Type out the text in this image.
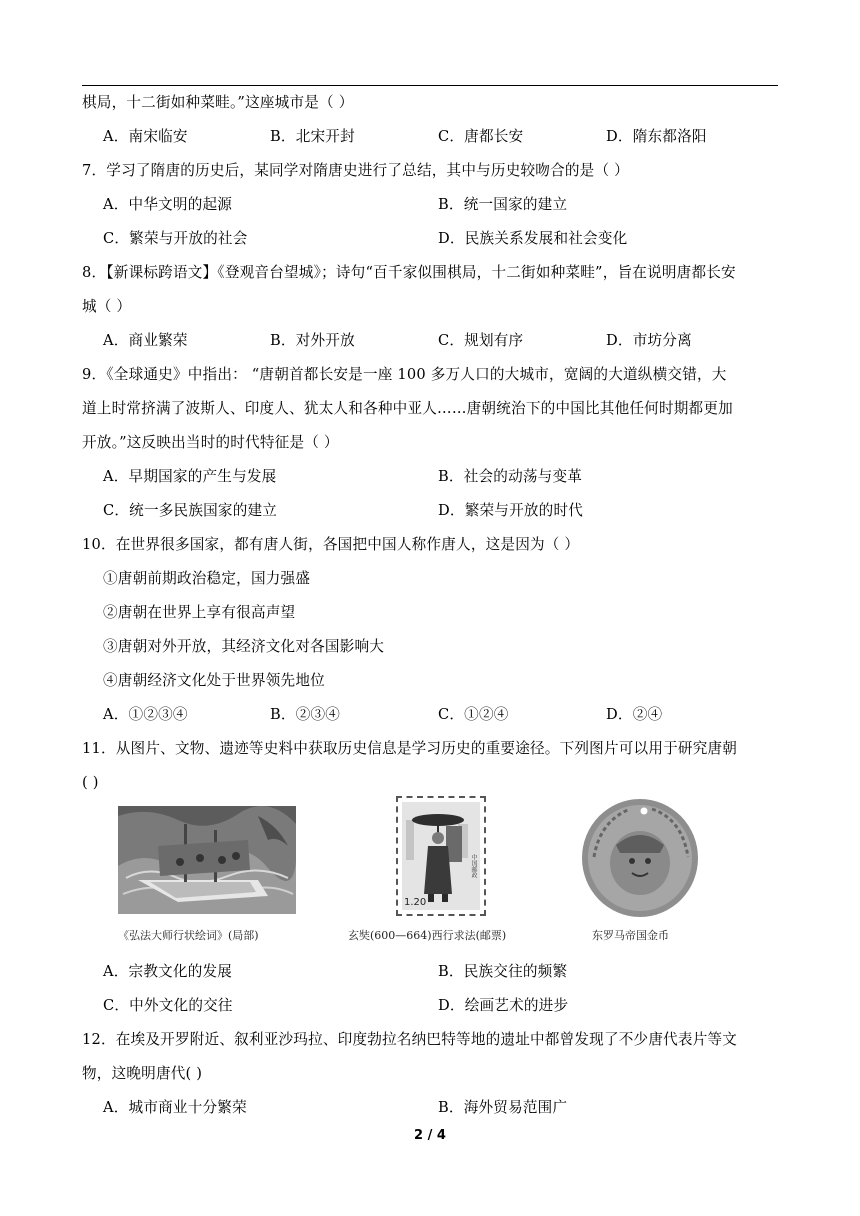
棋局，十二街如种菜畦。”这座城市是（ ）
A．南宋临安	B．北宋开封	C．唐都长安	D．隋东都洛阳
7．学习了隋唐的历史后，某同学对隋唐史进行了总结，其中与历史较吻合的是（ ）
A．中华文明的起源	B．统一国家的建立
C．繁荣与开放的社会	D．民族关系发展和社会变化
8．【新课标跨语文】《登观音台望城》；诗句“百千家似围棋局，十二街如种菜畦”，旨在说明唐都长安
城（ ）
A．商业繁荣	B．对外开放	C．规划有序	D．市坊分离
9．《全球通史》中指出： “唐朝首都长安是一座 100 多万人口的大城市，宽阔的大道纵横交错，大
道上时常挤满了波斯人、印度人、犹太人和各种中亚人……唐朝统治下的中国比其他任何时期都更加
开放。”这反映出当时的时代特征是（ ）
A．早期国家的产生与发展	B．社会的动荡与变革
C．统一多民族国家的建立	D．繁荣与开放的时代
10．在世界很多国家，都有唐人街，各国把中国人称作唐人，这是因为（ ）
①唐朝前期政治稳定，国力强盛
②唐朝在世界上享有很高声望
③唐朝对外开放，其经济文化对各国影响大
④唐朝经济文化处于世界领先地位
A．①②③④	B．②③④	C．①②④	D．②④
11．从图片、文物、遗迹等史料中获取历史信息是学习历史的重要途径。下列图片可以用于研究唐朝
( )
中国邮政
1.20
《弘法大师行状绘词》(局部)	玄奘(600—664)西行求法(邮票)	东罗马帝国金币
A．宗教文化的发展	B．民族交往的频繁
C．中外文化的交往	D．绘画艺术的进步
12．在埃及开罗附近、叙利亚沙玛拉、印度勃拉名纳巴特等地的遗址中都曾发现了不少唐代表片等文
物，这晚明唐代( )
A．城市商业十分繁荣	B．海外贸易范围广
2 / 4
